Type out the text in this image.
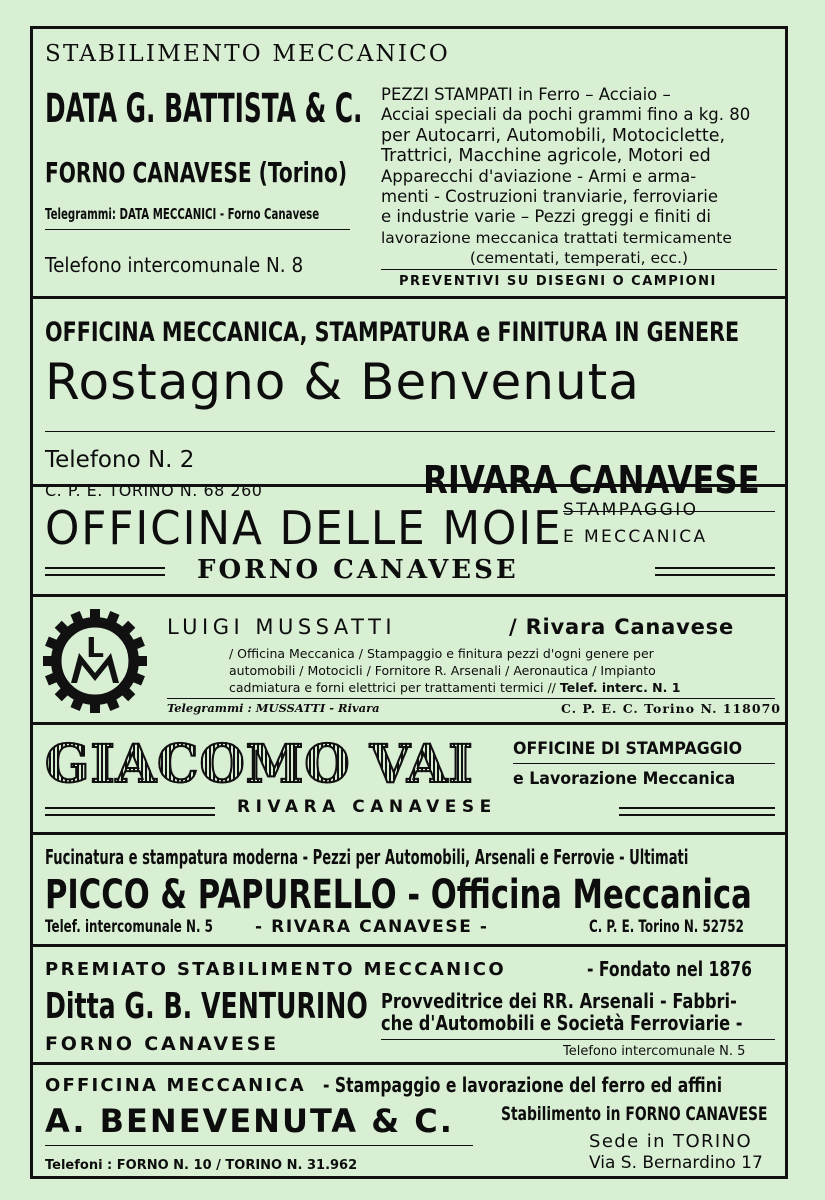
STABILIMENTO MECCANICO
DATA G. BATTISTA & C.
FORNO CANAVESE (Torino)
Telegrammi: DATA MECCANICI - Forno Canavese
Telefono intercomunale N. 8
PEZZI STAMPATI in Ferro – Acciaio –
Acciai speciali da pochi grammi fino a kg. 80
per Autocarri, Automobili, Motociclette,
Trattrici, Macchine agricole, Motori ed
Apparecchi d'aviazione - Armi e arma-
menti - Costruzioni tranviarie, ferroviarie
e industrie varie – Pezzi greggi e finiti di
lavorazione meccanica trattati termicamente
(cementati, temperati, ecc.)
PREVENTIVI SU DISEGNI O CAMPIONI
OFFICINA MECCANICA, STAMPATURA e FINITURA IN GENERE
Rostagno & Benvenuta
Telefono N. 2
C. P. E. TORINO N. 68 260	RIVARA CANAVESE
OFFICINA DELLE MOIE STAMPAGGIO
E MECCANICA
FORNO CANAVESE
L
LUIGI MUSSATTI	/ Rivara Canavese
/ Officina Meccanica / Stampaggio e finitura pezzi d'ogni genere per
automobili / Motocicli / Fornitore R. Arsenali / Aeronautica / Impianto
cadmiatura e forni elettrici per trattamenti termici // Telef. interc. N. 1
Telegrammi : MUSSATTI - Rivara	C. P. E. C. Torino N. 118070
GIACOMO VAI OFFICINE DI STAMPAGGIO
e Lavorazione Meccanica
RIVARA CANAVESE
Fucinatura e stampatura moderna - Pezzi per Automobili, Arsenali e Ferrovie - Ultimati
PICCO & PAPURELLO - Officina Meccanica
Telef. intercomunale N. 5 - RIVARA CANAVESE -	C. P. E. Torino N. 52752
PREMIATO STABILIMENTO MECCANICO	- Fondato nel 1876
Ditta G. B. VENTURINO
FORNO CANAVESE
Provveditrice dei RR. Arsenali - Fabbri-
che d'Automobili e Società Ferroviarie -
Telefono intercomunale N. 5
OFFICINA MECCANICA - Stampaggio e lavorazione del ferro ed affini
A. BENEVENUTA & C. Stabilimento in FORNO CANAVESE
Sede in TORINO
Via S. Bernardino 17
Telefoni : FORNO N. 10 / TORINO N. 31.962
